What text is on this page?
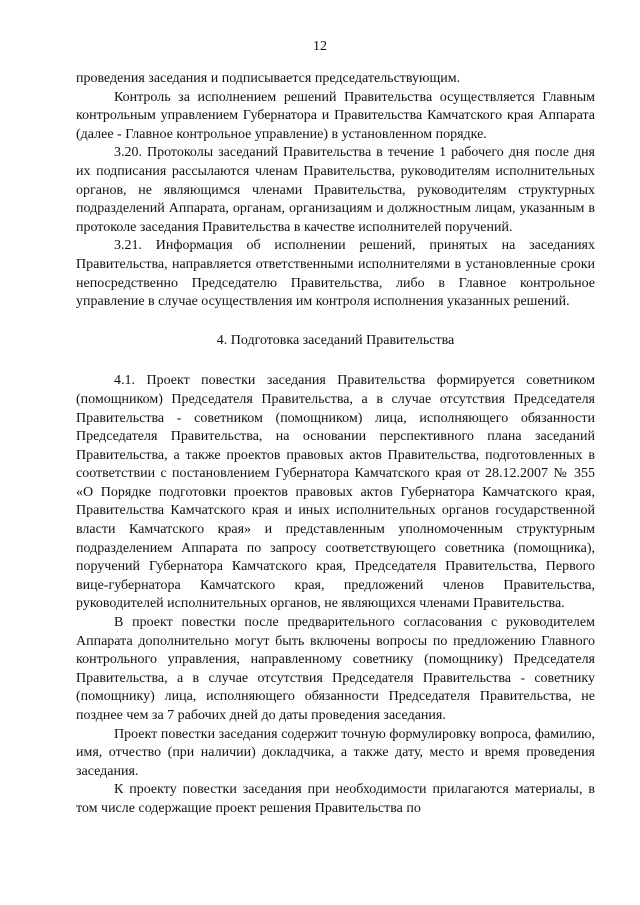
12

проведения заседания и подписывается председательствующим.

Контроль за исполнением решений Правительства осуществляется Главным контрольным управлением Губернатора и Правительства Камчатского края Аппарата (далее - Главное контрольное управление) в установленном порядке.

3.20. Протоколы заседаний Правительства в течение 1 рабочего дня после дня их подписания рассылаются членам Правительства, руководителям исполнительных органов, не являющимся членами Правительства, руководителям структурных подразделений Аппарата, органам, организациям и должностным лицам, указанным в протоколе заседания Правительства в качестве исполнителей поручений.

3.21. Информация об исполнении решений, принятых на заседаниях Правительства, направляется ответственными исполнителями в установленные сроки непосредственно Председателю Правительства, либо в Главное контрольное управление в случае осуществления им контроля исполнения указанных решений.

4. Подготовка заседаний Правительства

4.1. Проект повестки заседания Правительства формируется советником (помощником) Председателя Правительства, а в случае отсутствия Председателя Правительства - советником (помощником) лица, исполняющего обязанности Председателя Правительства, на основании перспективного плана заседаний Правительства, а также проектов правовых актов Правительства, подготовленных в соответствии с постановлением Губернатора Камчатского края от 28.12.2007 № 355 «О Порядке подготовки проектов правовых актов Губернатора Камчатского края, Правительства Камчатского края и иных исполнительных органов государственной власти Камчатского края» и представленным уполномоченным структурным подразделением Аппарата по запросу соответствующего советника (помощника), поручений Губернатора Камчатского края, Председателя Правительства, Первого вице-губернатора Камчатского края, предложений членов Правительства, руководителей исполнительных органов, не являющихся членами Правительства.

В проект повестки после предварительного согласования с руководителем Аппарата дополнительно могут быть включены вопросы по предложению Главного контрольного управления, направленному советнику (помощнику) Председателя Правительства, а в случае отсутствия Председателя Правительства - советнику (помощнику) лица, исполняющего обязанности Председателя Правительства, не позднее чем за 7 рабочих дней до даты проведения заседания.

Проект повестки заседания содержит точную формулировку вопроса, фамилию, имя, отчество (при наличии) докладчика, а также дату, место и время проведения заседания.

К проекту повестки заседания при необходимости прилагаются материалы, в том числе содержащие проект решения Правительства по
